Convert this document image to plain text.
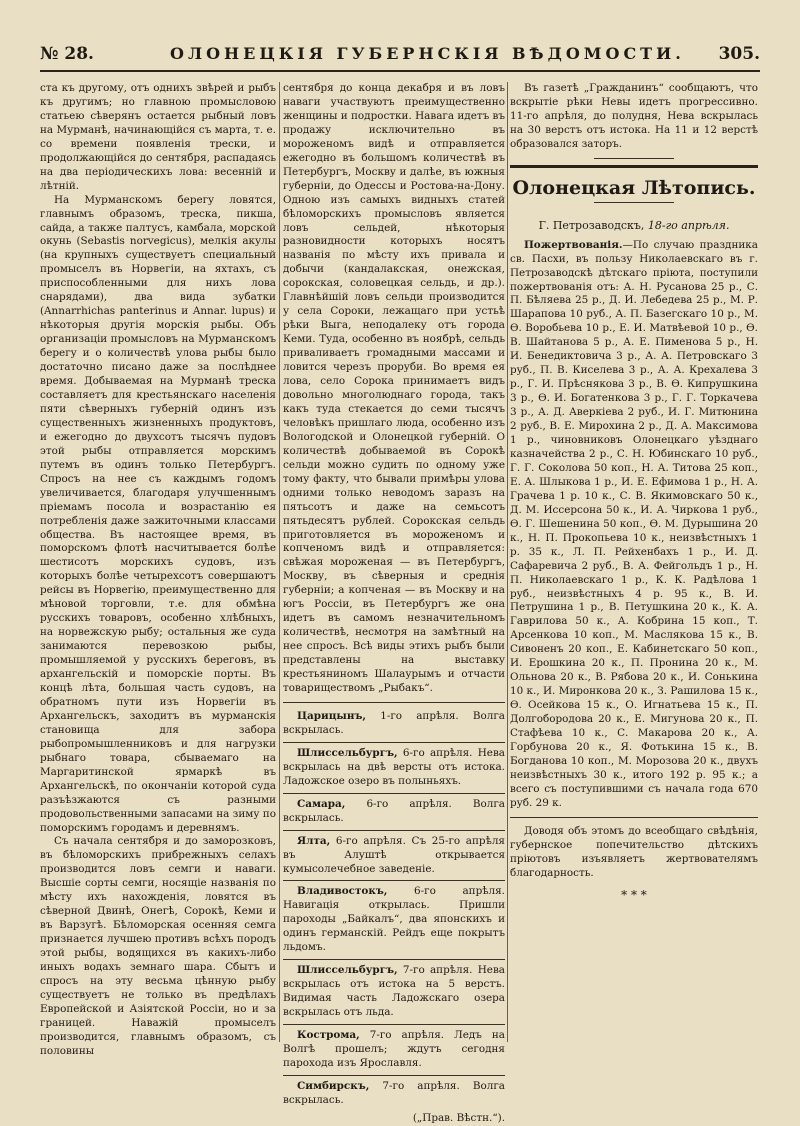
№ 28.	ОЛОНЕЦКІЯ ГУБЕРНСКІЯ ВѢДОМОСТИ. 305.

ста къ другому, отъ однихъ звѣрей и рыбъ къ другимъ; но главною промысловою статьею сѣверянъ остается рыбный ловъ на Мурманѣ, начинающійся съ марта, т. е. со времени появленія трески, и продолжающійся до сентября, распадаясь на два періодическихъ лова: весенній и лѣтній.

На Мурманскомъ берегу ловятся, главнымъ образомъ, треска, пикша, сайда, а также палтусъ, камбала, морской окунь (Sebastis norvegicus), мелкія акулы (на крупныхъ существуетъ специальный промыселъ въ Норвегіи, на яхтахъ, съ приспособленными для нихъ лова снарядами), два вида зубатки (Annarrhichas panterinus и Annar. lupus) и нѣкоторыя другія морскія рыбы. Объ организаціи промысловъ на Мурманскомъ берегу и о количествѣ улова рыбы было достаточно писано даже за послѣднее время. Добываемая на Мурманѣ треска составляетъ для крестьянскаго населенія пяти сѣверныхъ губерній одинъ изъ существенныхъ жизненныхъ продуктовъ, и ежегодно до двухсотъ тысячъ пудовъ этой рыбы отправляется морскимъ путемъ въ одинъ только Петербургъ. Спросъ на нее съ каждымъ годомъ увеличивается, благодаря улучшеннымъ пріемамъ посола и возрастанію ея потребленія даже зажиточными классами общества. Въ настоящее время, въ поморскомъ флотѣ насчитывается болѣе шестисотъ морскихъ судовъ, изъ которыхъ болѣе четырехсотъ совершаютъ рейсы въ Норвегію, преимущественно для мѣновой торговли, т.е. для обмѣна русскихъ товаровъ, особенно хлѣбныхъ, на норвежскую рыбу; остальныя же суда занимаются перевозкою рыбы, промышляемой у русскихъ береговъ, въ архангельскій и поморскіе порты. Въ концѣ лѣта, большая часть судовъ, на обратномъ пути изъ Норвегіи въ Архангельскъ, заходитъ въ мурманскія становища для забора рыбопромышленниковъ и для нагрузки рыбнаго товара, сбываемаго на Маргаритинской ярмаркѣ въ Архангельскѣ, по окончаніи которой суда разъѣзжаются съ разными продовольственными запасами на зиму по поморскимъ городамъ и деревнямъ.

Съ начала сентября и до заморозковъ, въ бѣломорскихъ прибрежныхъ селахъ производится ловъ семги и наваги. Высшіе сорты семги, носящіе названія по мѣсту ихъ нахожденія, ловятся въ сѣверной Двинѣ, Онегѣ, Сорокѣ, Кеми и въ Варзугѣ. Бѣломорская осенняя семга признается лучшею противъ всѣхъ породъ этой рыбы, водящихся въ какихъ-либо иныхъ водахъ земнаго шара. Сбытъ и спросъ на эту весьма цѣнную рыбу существуетъ не только въ предѣлахъ Европейской и Азіятской Россіи, но и за границей. Наважій промыселъ производится, главнымъ образомъ, съ половины

сентября до конца декабря и въ ловъ наваги участвуютъ преимущественно женщины и подростки. Навага идетъ въ продажу исключительно въ мороженомъ видѣ и отправляется ежегодно въ большомъ количествѣ въ Петербургъ, Москву и далѣе, въ южныя губерніи, до Одессы и Ростова-на-Дону. Одною изъ самыхъ видныхъ статей бѣломорскихъ промысловъ является ловъ сельдей, нѣкоторыя разновидности которыхъ носятъ названія по мѣсту ихъ привала и добычи (кандалакская, онежская, сорокская, соловецкая сельдь, и др.). Главнѣйшій ловъ сельди производится у села Сороки, лежащаго при устьѣ рѣки Выга, неподалеку отъ города Кеми. Туда, особенно въ ноябрѣ, сельдь приваливаетъ громадными массами и ловится черезъ проруби. Во время ея лова, село Сорока принимаетъ видъ довольно многолюднаго города, такъ какъ туда стекается до семи тысячъ человѣкъ пришлаго люда, особенно изъ Вологодской и Олонецкой губерній. О количествѣ добываемой въ Сорокѣ сельди можно судить по одному уже тому факту, что бывали примѣры улова одними только неводомъ заразъ на пятьсотъ и даже на семьсотъ пятьдесятъ рублей. Сорокская сельдь приготовляется въ мороженомъ и копченомъ видѣ и отправляется: свѣжая мороженая — въ Петербургъ, Москву, въ сѣверныя и среднія губерніи; а копченая — въ Москву и на югъ Россіи, въ Петербургъ же она идетъ въ самомъ незначительномъ количествѣ, несмотря на замѣтный на нее спросъ. Всѣ виды этихъ рыбъ были представлены на выставку крестьяниномъ Шалаурымъ и отчасти товариществомъ „Рыбакъ“.

Царицынъ, 1-го апрѣля. Волга вскрылась.

Шлиссельбургъ, 6-го апрѣля. Нева вскрылась на двѣ версты отъ истока. Ладожское озеро въ полыньяхъ.

Самара, 6-го апрѣля. Волга вскрылась.

Ялта, 6-го апрѣля. Съ 25-го апрѣля въ Алуштѣ открывается кумысолечебное заведеніе.

Владивостокъ, 6-го апрѣля. Навигація открылась. Пришли пароходы „Байкалъ“, два японскихъ и одинъ германскій. Рейдъ еще покрытъ льдомъ.

Шлиссельбургъ, 7-го апрѣля. Нева вскрылась отъ истока на 5 верстъ. Видимая часть Ладожскаго озера вскрылась отъ льда.

Кострома, 7-го апрѣля. Ледъ на Волгѣ прошелъ; ждутъ сегодня парохода изъ Ярославля.

Симбирскъ, 7-го апрѣля. Волга вскрылась.

(„Прав. Вѣстн.“).

Въ газетѣ „Гражданинъ“ сообщаютъ, что вскрытіе рѣки Невы идетъ прогрессивно. 11-го апрѣля, до полудня, Нева вскрылась на 30 верстъ отъ истока. На 11 и 12 верстѣ образовался заторъ.

Олонецкая Лѣтопись.
Г. Петрозаводскъ, 18-го апрѣля.

Пожертвованія.—По случаю праздника св. Пасхи, въ пользу Николаевскаго въ г. Петрозаводскѣ дѣтскаго пріюта, поступили пожертвованія отъ: А. Н. Русанова 25 р., С. П. Бѣляева 25 р., Д. И. Лебедева 25 р., М. Р. Шарапова 10 руб., А. П. Базегскаго 10 р., М. Ѳ. Воробьева 10 р., Е. И. Матвѣевой 10 р., Ѳ. В. Шайтанова 5 р., А. Е. Пименова 5 р., Н. И. Бенедиктовича 3 р., А. А. Петровскаго 3 руб., П. В. Киселева 3 р., А. А. Крехалева 3 р., Г. И. Прѣснякова 3 р., В. Ѳ. Кипрушкина 3 р., Ѳ. И. Богатенкова 3 р., Г. Г. Торкачева 3 р., А. Д. Аверкіева 2 руб., И. Г. Митюнина 2 руб., В. Е. Мирохина 2 р., Д. А. Максимова 1 р., чиновниковъ Олонецкаго уѣзднаго казначейства 2 р., С. Н. Юбинскаго 10 руб., Г. Г. Соколова 50 коп., Н. А. Титова 25 коп., Е. А. Шлыкова 1 р., И. Е. Ефимова 1 р., Н. А. Грачева 1 р. 10 к., С. В. Якимовскаго 50 к., Д. М. Иссерсона 50 к., И. А. Чиркова 1 руб., Ѳ. Г. Шешенина 50 коп., Ѳ. М. Дурышина 20 к., Н. П. Прокопьева 10 к., неизвѣстныхъ 1 р. 35 к., Л. П. Рейхенбахъ 1 р., И. Д. Сафаревича 2 руб., В. А. Фейгольдъ 1 р., Н. П. Николаевскаго 1 р., К. К. Радѣлова 1 руб., неизвѣстныхъ 4 р. 95 к., В. И. Петрушина 1 р., В. Петушкина 20 к., К. А. Гаврилова 50 к., А. Кобрина 15 коп., Т. Арсенкова 10 коп., М. Маслякова 15 к., В. Сивоненъ 20 коп., Е. Кабинетскаго 50 коп., И. Ерошкина 20 к., П. Пронина 20 к., М. Ольнова 20 к., В. Рябова 20 к., И. Сонькина 10 к., И. Миронкова 20 к., З. Рашилова 15 к., Ѳ. Осейкова 15 к., О. Игнатьева 15 к., П. Долгобородова 20 к., Е. Мигунова 20 к., П. Стафѣева 10 к., С. Макарова 20 к., А. Горбунова 20 к., Я. Фотькина 15 к., В. Богданова 10 коп., М. Морозова 20 к., двухъ неизвѣстныхъ 30 к., итого 192 р. 95 к.; а всего съ поступившими съ начала года 670 руб. 29 к.

Доводя объ этомъ до всеобщаго свѣдѣнія, губернское попечительство дѣтскихъ пріютовъ изъявляетъ жертвователямъ благодарность.

* * *
